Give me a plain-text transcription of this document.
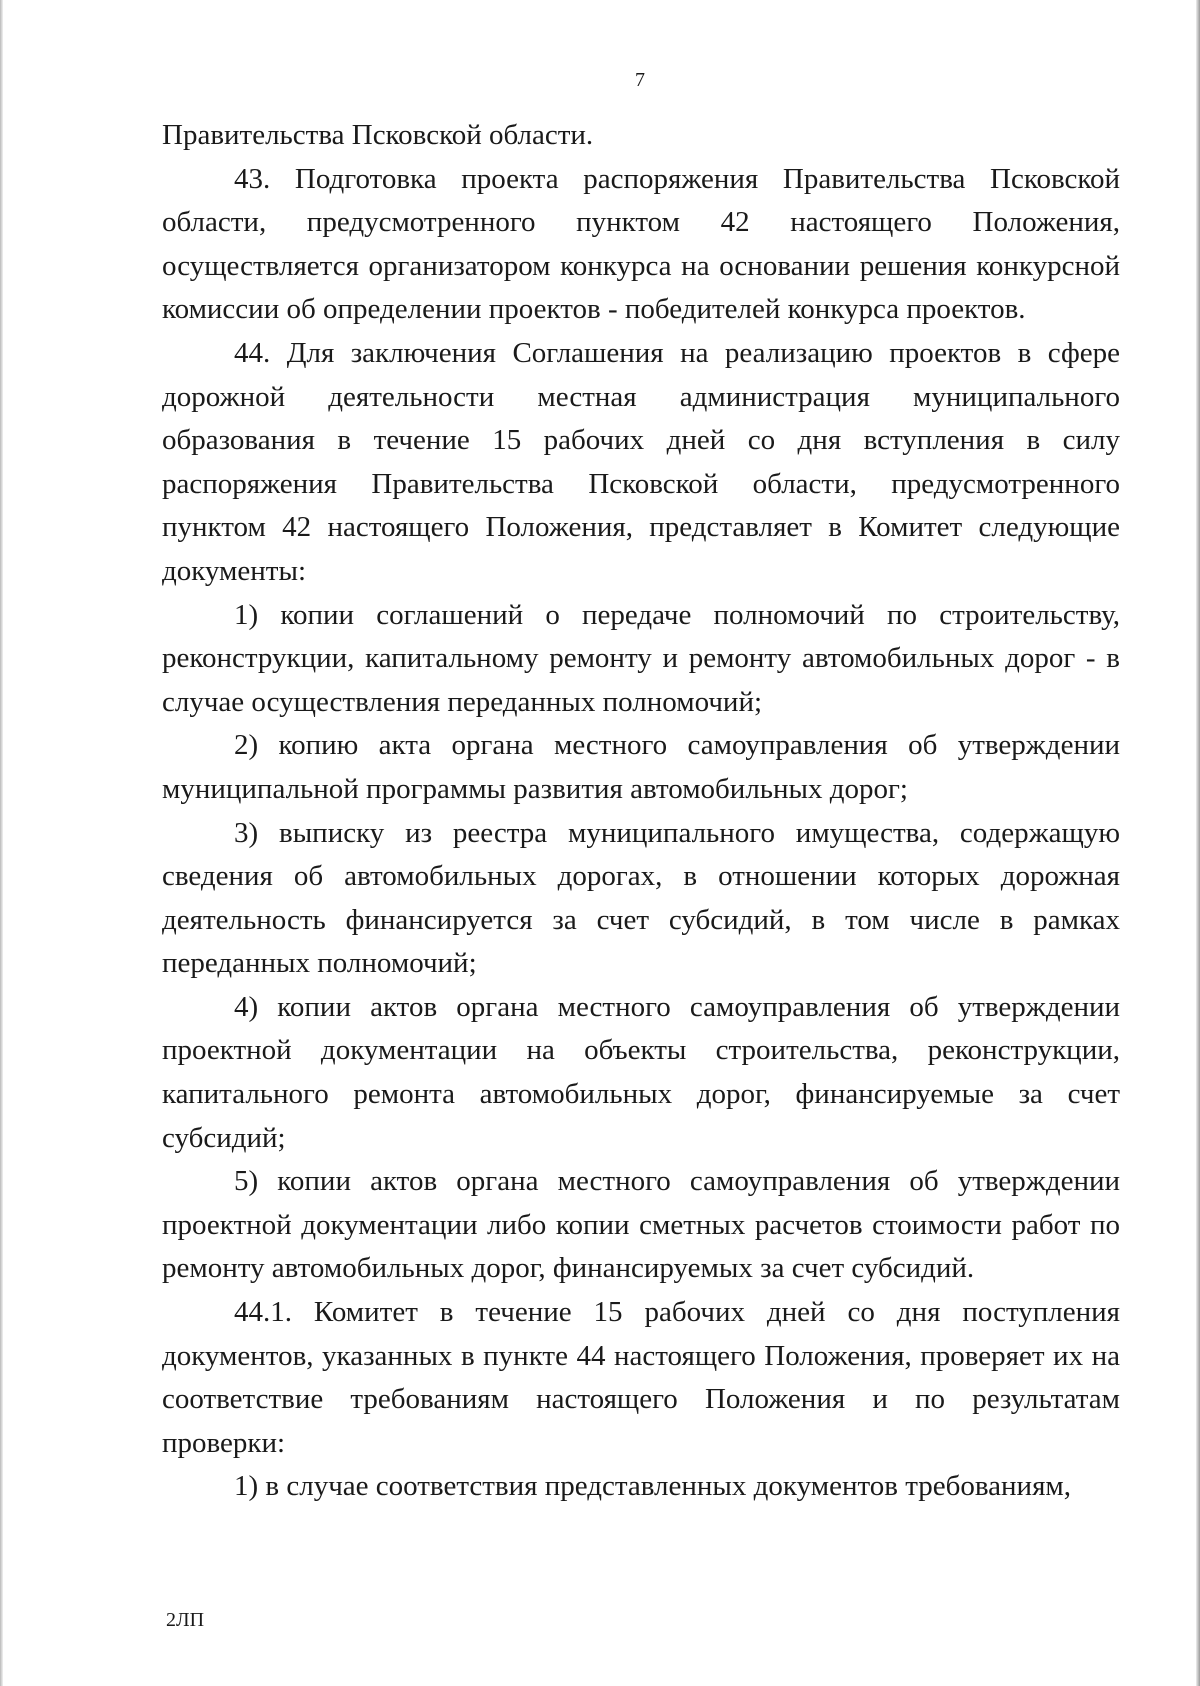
7

Правительства Псковской области.

43. Подготовка проекта распоряжения Правительства Псковской области, предусмотренного пунктом 42 настоящего Положения, осуществляется организатором конкурса на основании решения конкурсной комиссии об определении проектов - победителей конкурса проектов.

44. Для заключения Соглашения на реализацию проектов в сфере дорожной деятельности местная администрация муниципального образования в течение 15 рабочих дней со дня вступления в силу распоряжения Правительства Псковской области, предусмотренного пунктом 42 настоящего Положения, представляет в Комитет следующие документы:

1) копии соглашений о передаче полномочий по строительству, реконструкции, капитальному ремонту и ремонту автомобильных дорог - в случае осуществления переданных полномочий;

2) копию акта органа местного самоуправления об утверждении муниципальной программы развития автомобильных дорог;

3) выписку из реестра муниципального имущества, содержащую сведения об автомобильных дорогах, в отношении которых дорожная деятельность финансируется за счет субсидий, в том числе в рамках переданных полномочий;

4) копии актов органа местного самоуправления об утверждении проектной документации на объекты строительства, реконструкции, капитального ремонта автомобильных дорог, финансируемые за счет субсидий;

5) копии актов органа местного самоуправления об утверждении проектной документации либо копии сметных расчетов стоимости работ по ремонту автомобильных дорог, финансируемых за счет субсидий.

44.1. Комитет в течение 15 рабочих дней со дня поступления документов, указанных в пункте 44 настоящего Положения, проверяет их на соответствие требованиям настоящего Положения и по результатам проверки:

1) в случае соответствия представленных документов требованиям,

2ЛП
